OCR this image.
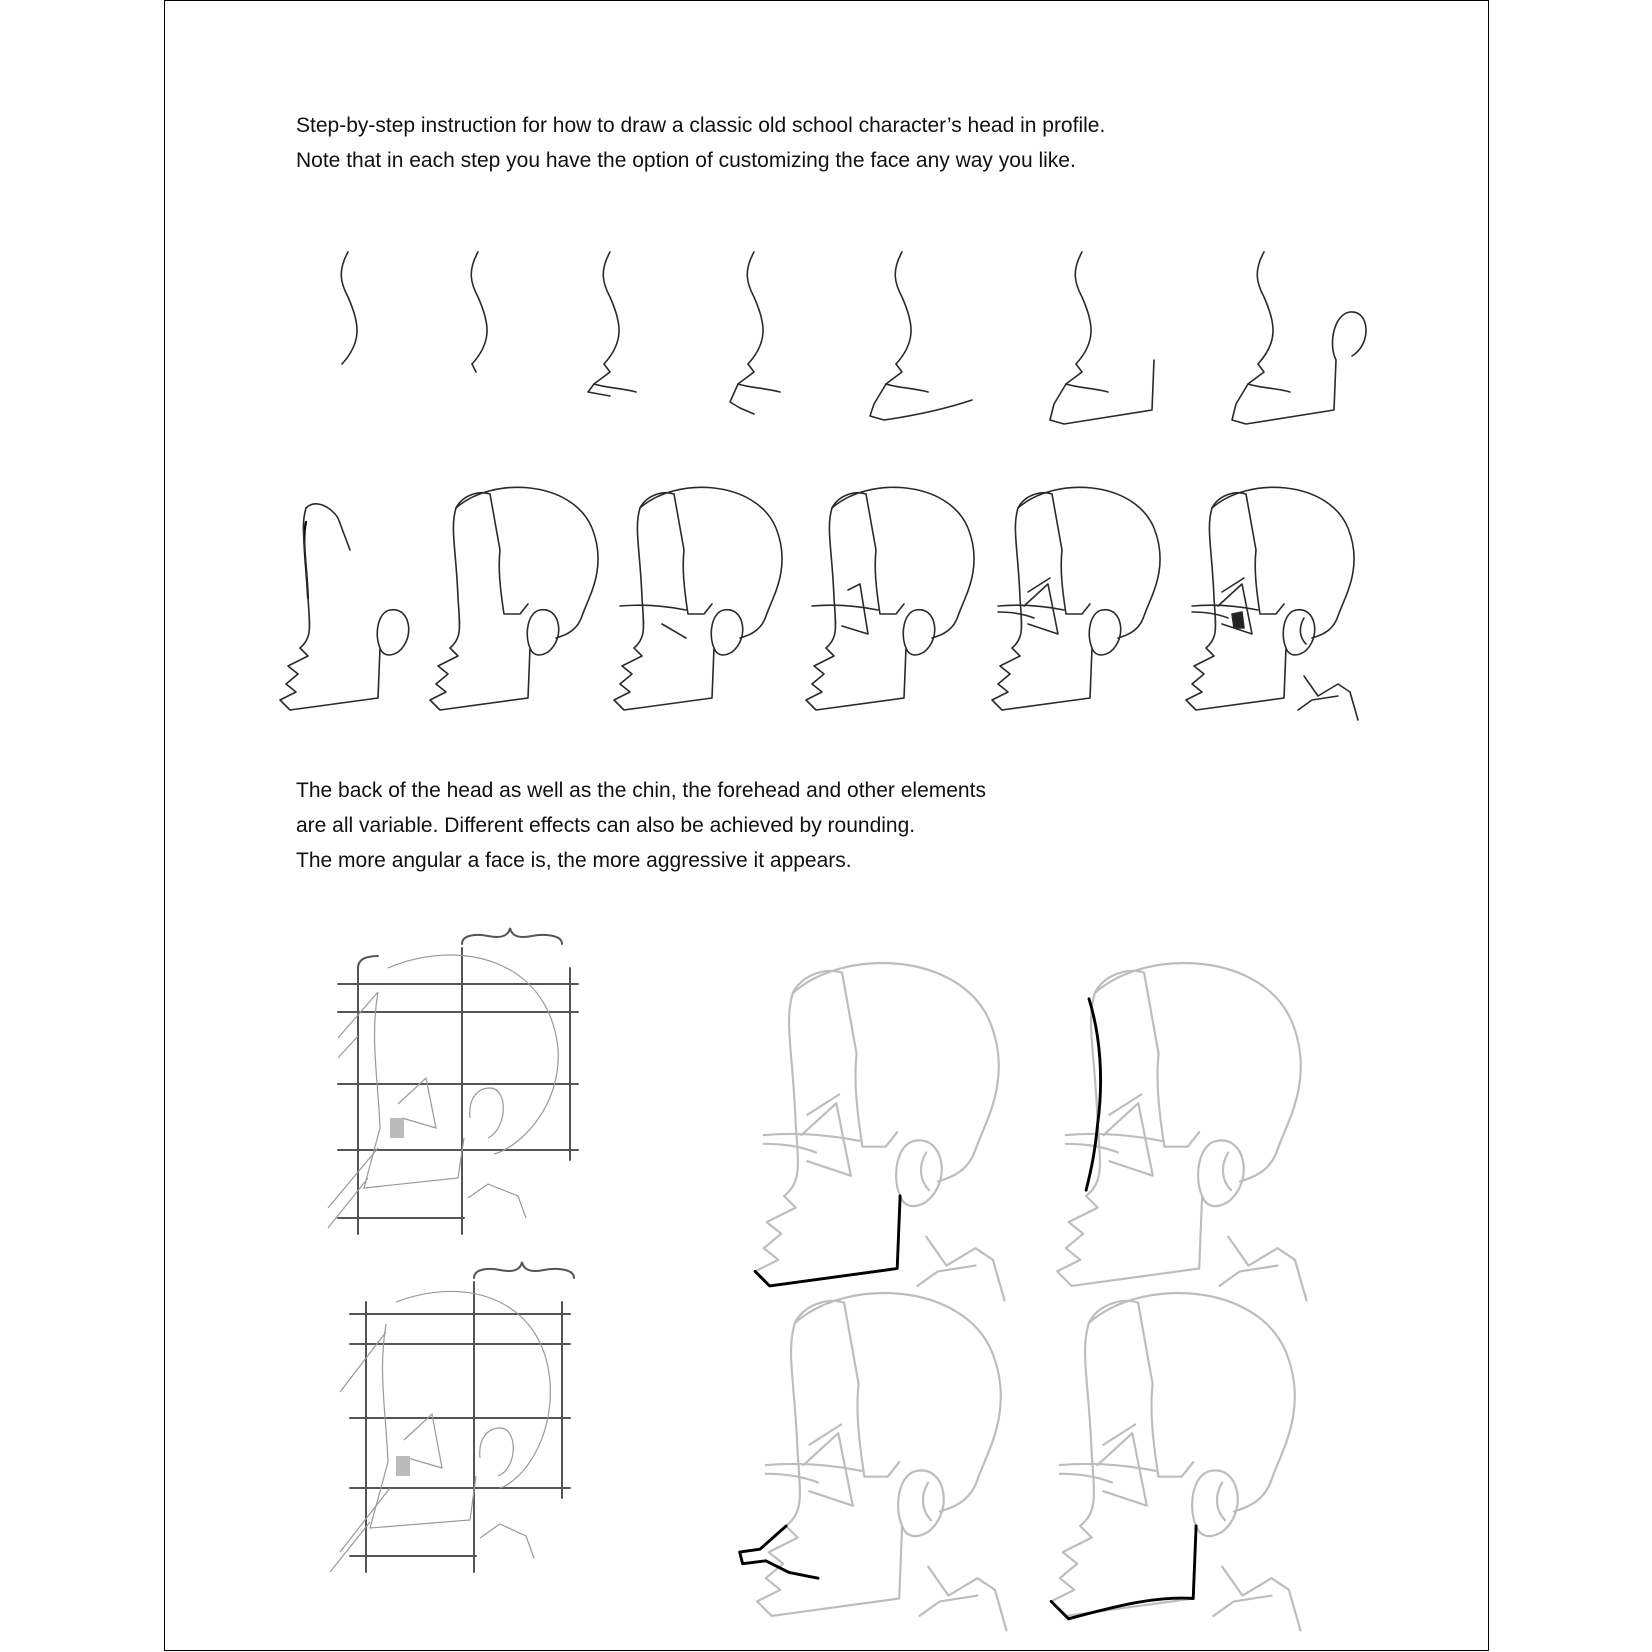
Step-by-step instruction for how to draw a classic old school character’s head in profile.
Note that in each step you have the option of customizing the face any way you like.

The back of the head as well as the chin, the forehead and other elements
are all variable. Different effects can also be achieved by rounding.
The more angular a face is, the more aggressive it appears.
